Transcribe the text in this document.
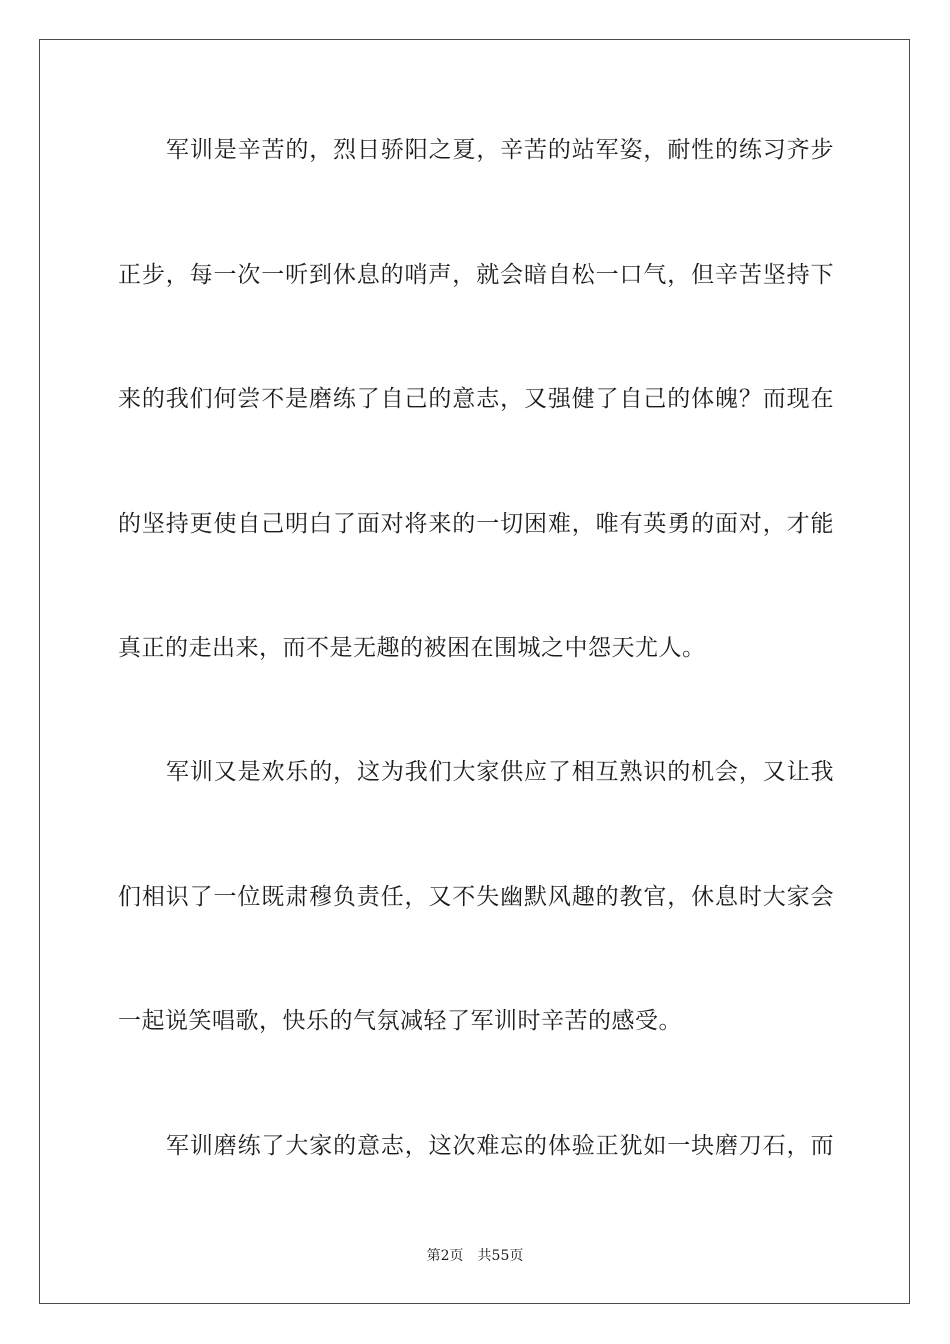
军训是辛苦的，烈日骄阳之夏，辛苦的站军姿，耐性的练习齐步
正步，每一次一听到休息的哨声，就会暗自松一口气，但辛苦坚持下
来的我们何尝不是磨练了自己的意志，又强健了自己的体魄？而现在
的坚持更使自己明白了面对将来的一切困难，唯有英勇的面对，才能
真正的走出来，而不是无趣的被困在围城之中怨天尤人。
军训又是欢乐的，这为我们大家供应了相互熟识的机会，又让我
们相识了一位既肃穆负责任，又不失幽默风趣的教官，休息时大家会
一起说笑唱歌，快乐的气氛减轻了军训时辛苦的感受。
军训磨练了大家的意志，这次难忘的体验正犹如一块磨刀石，而
第2页 共55页
